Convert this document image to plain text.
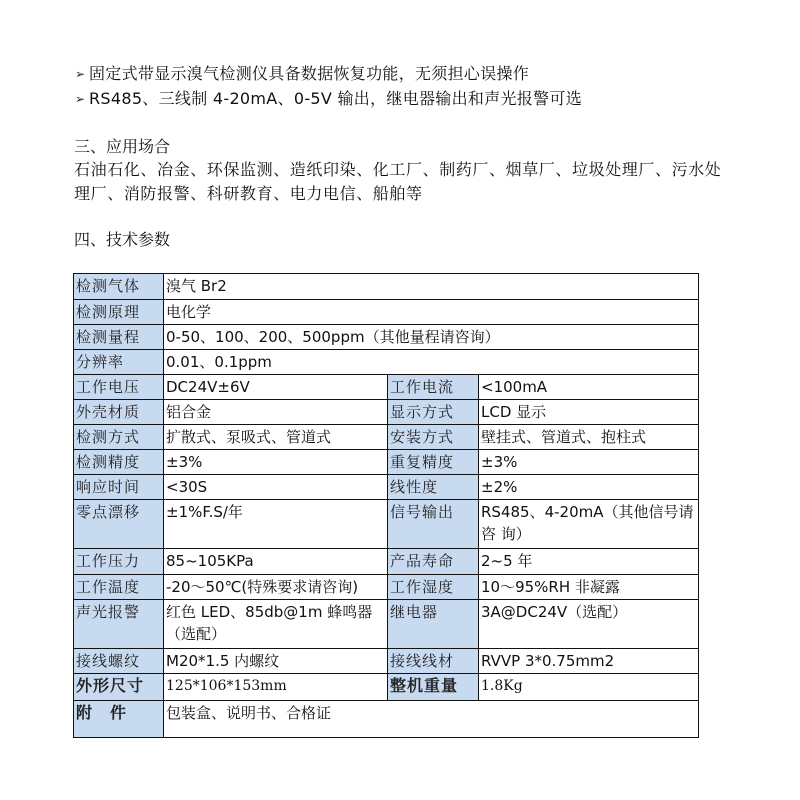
➢ 固定式带显示溴气检测仪具备数据恢复功能，无须担心误操作
➢ RS485、三线制 4-20mA、0-5V 输出，继电器输出和声光报警可选
三、应用场合
石油石化、冶金、环保监测、造纸印染、化工厂、制药厂、烟草厂、垃圾处理厂、污水处理厂、消防报警、科研教育、电力电信、船舶等
四、技术参数
检测气体	溴气 Br2		
检测原理	电化学		
检测量程	0-50、100、200、500ppm（其他量程请咨询）		
分辨率	0.01、0.1ppm		
工作电压	DC24V±6V	工作电流	<100mA
外壳材质	铝合金	显示方式	LCD 显示
检测方式	扩散式、泵吸式、管道式	安装方式	壁挂式、管道式、抱柱式
检测精度	±3%	重复精度	±3%
响应时间	<30S	线性度	±2%
零点漂移	±1%F.S/年	信号输出	RS485、4-20mA（其他信号请咨 询）
工作压力	85~105KPa	产品寿命	2~5 年
工作温度	-20～50℃(特殊要求请咨询)	工作湿度	10～95%RH 非凝露
声光报警	红色 LED、85db@1m 蜂鸣器（选配）	继电器	3A@DC24V（选配）
接线螺纹	M20*1.5 内螺纹	接线线材	RVVP 3*0.75mm2
外形尺寸	125*106*153mm	整机重量	1.8Kg
附　件	包装盒、说明书、合格证		
